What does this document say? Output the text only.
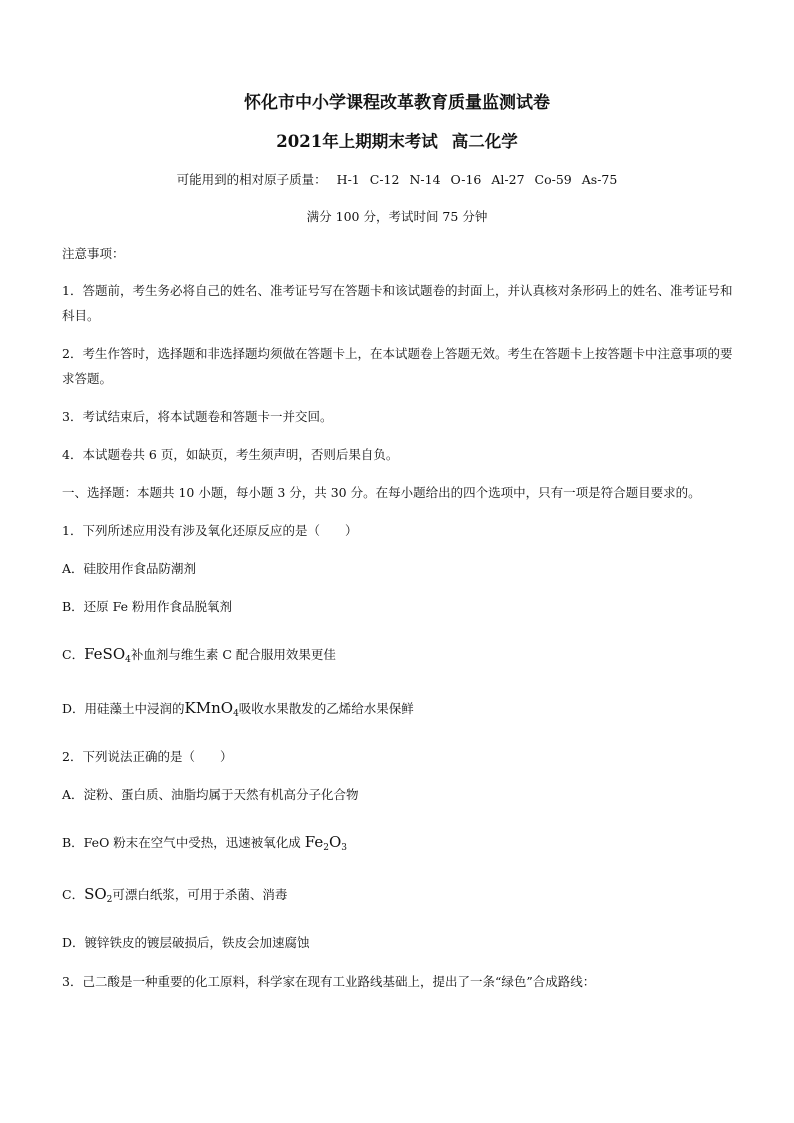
怀化市中小学课程改革教育质量监测试卷
2021年上期期末考试 高二化学
可能用到的相对原子质量： H-1 C-12 N-14 O-16 Al-27 Co-59 As-75
满分 100 分，考试时间 75 分钟
注意事项：
1．答题前，考生务必将自己的姓名、准考证号写在答题卡和该试题卷的封面上，并认真核对条形码上的姓名、准考证号和科目。
2．考生作答时，选择题和非选择题均须做在答题卡上，在本试题卷上答题无效。考生在答题卡上按答题卡中注意事项的要求答题。
3．考试结束后，将本试题卷和答题卡一并交回。
4．本试题卷共 6 页，如缺页，考生须声明，否则后果自负。
一、选择题：本题共 10 小题，每小题 3 分，共 30 分。在每小题给出的四个选项中，只有一项是符合题目要求的。
1．下列所述应用没有涉及氧化还原反应的是（　　）
A．硅胶用作食品防潮剂
B．还原 Fe 粉用作食品脱氧剂
C．FeSO$_4$补血剂与维生素 C 配合服用效果更佳
D．用硅藻土中浸润的KMnO$_4$吸收水果散发的乙烯给水果保鲜
2．下列说法正确的是（　　）
A．淀粉、蛋白质、油脂均属于天然有机高分子化合物
B．FeO 粉末在空气中受热，迅速被氧化成 $Fe_2O_3$
C．$SO_2$可漂白纸浆，可用于杀菌、消毒
D．镀锌铁皮的镀层破损后，铁皮会加速腐蚀
3．己二酸是一种重要的化工原料，科学家在现有工业路线基础上，提出了一条“绿色”合成路线：
